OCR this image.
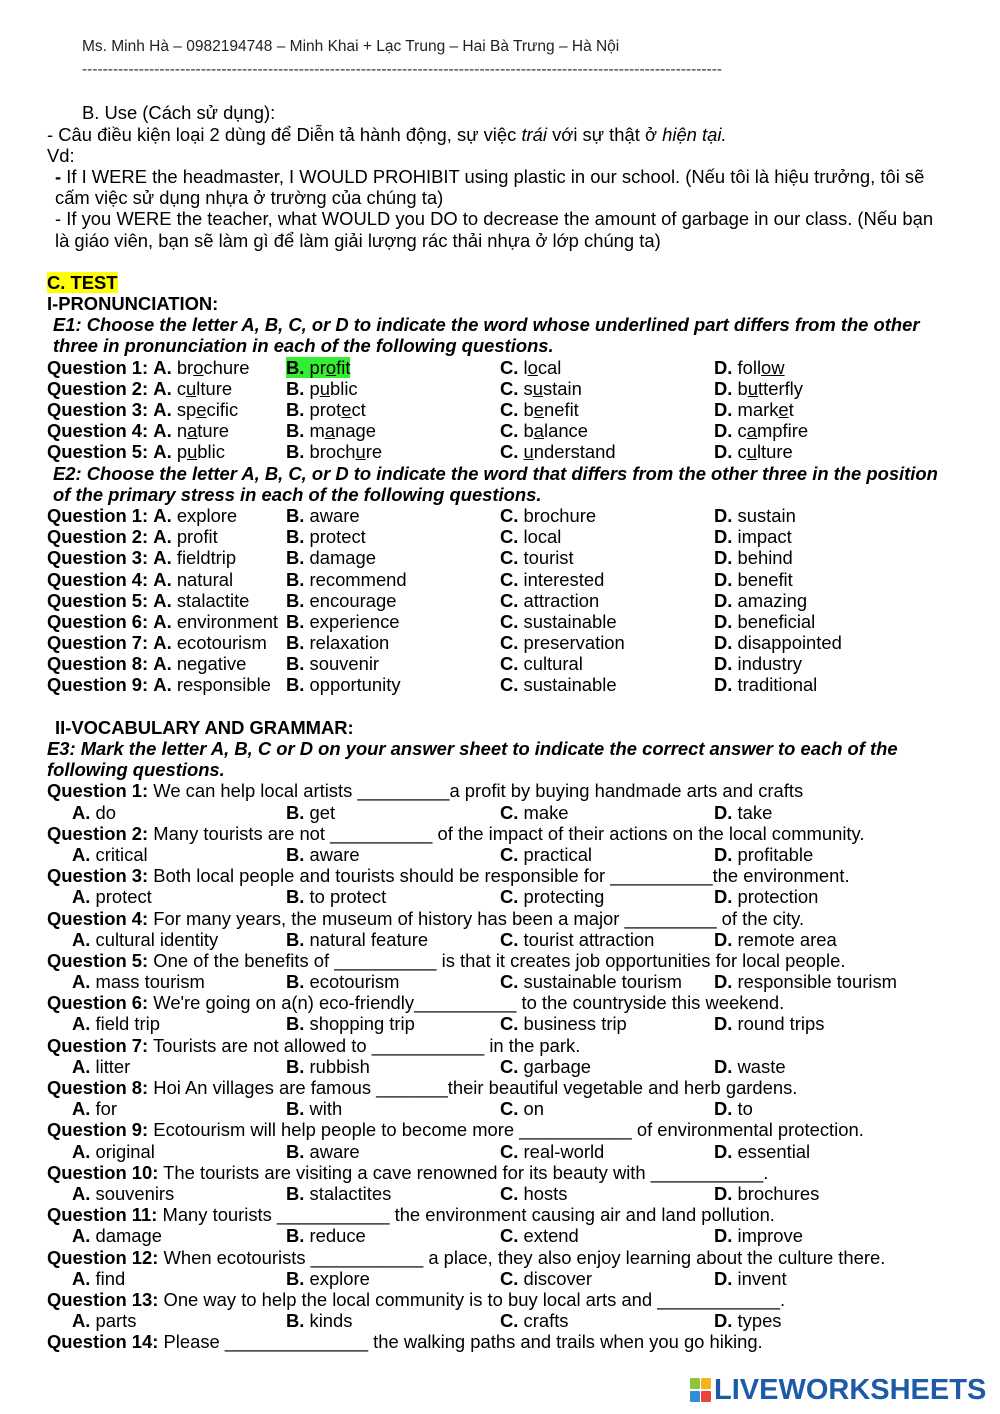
Ms. Minh Hà – 0982194748 – Minh Khai + Lạc Trung – Hai Bà Trưng – Hà Nội
----------------------------------------------------------------------------------------------------------------------------
B. Use (Cách sử dụng):
- Câu điều kiện loại 2 dùng để Diễn tả hành động, sự việc trái với sự thật ở hiện tại.
Vd:
- If I WERE the headmaster, I WOULD PROHIBIT using plastic in our school. (Nếu tôi là hiệu trưởng, tôi sẽ
cấm việc sử dụng nhựa ở trường của chúng ta)
- If you WERE the teacher, what WOULD you DO to decrease the amount of garbage in our class. (Nếu bạn
là giáo viên, bạn sẽ làm gì để làm giải lượng rác thải nhựa ở lớp chúng ta)
C. TEST
I-PRONUNCIATION:
E1: Choose the letter A, B, C, or D to indicate the word whose underlined part differs from the other
three in pronunciation in each of the following questions.
Question 1: A. brochure B. profit	C. local	D. follow
Question 2: A. culture	B. public	C. sustain	D. butterfly
Question 3: A. specific	B. protect	C. benefit	D. market
Question 4: A. nature	B. manage	C. balance	D. campfire
Question 5: A. public	B. brochure	C. understand	D. culture
E2: Choose the letter A, B, C, or D to indicate the word that differs from the other three in the position
of the primary stress in each of the following questions.
Question 1: A. explore	B. aware	C. brochure	D. sustain
Question 2: A. profit	B. protect	C. local	D. impact
Question 3: A. fieldtrip	B. damage	C. tourist	D. behind
Question 4: A. natural	B. recommend	C. interested	D. benefit
Question 5: A. stalactite B. encourage	C. attraction	D. amazing
Question 6: A. environment B. experience	C. sustainable	D. beneficial
Question 7: A. ecotourism B. relaxation	C. preservation	D. disappointed
Question 8: A. negative B. souvenir	C. cultural	D. industry
Question 9: A. responsible B. opportunity	C. sustainable	D. traditional
II-VOCABULARY AND GRAMMAR:
E3: Mark the letter A, B, C or D on your answer sheet to indicate the correct answer to each of the
following questions.
Question 1: We can help local artists _________a profit by buying handmade arts and crafts
A. do	B. get	C. make	D. take
Question 2: Many tourists are not __________ of the impact of their actions on the local community.
A. critical	B. aware	C. practical	D. profitable
Question 3: Both local people and tourists should be responsible for __________the environment.
A. protect	B. to protect	C. protecting	D. protection
Question 4: For many years, the museum of history has been a major _________ of the city.
A. cultural identity	B. natural feature	C. tourist attraction	D. remote area
Question 5: One of the benefits of __________ is that it creates job opportunities for local people.
A. mass tourism	B. ecotourism	C. sustainable tourism D. responsible tourism
Question 6: We're going on a(n) eco-friendly__________ to the countryside this weekend.
A. field trip	B. shopping trip	C. business trip	D. round trips
Question 7: Tourists are not allowed to ___________ in the park.
A. litter	B. rubbish	C. garbage	D. waste
Question 8: Hoi An villages are famous _______their beautiful vegetable and herb gardens.
A. for	B. with	C. on	D. to
Question 9: Ecotourism will help people to become more ___________ of environmental protection.
A. original	B. aware	C. real-world	D. essential
Question 10: The tourists are visiting a cave renowned for its beauty with ___________.
A. souvenirs	B. stalactites	C. hosts	D. brochures
Question 11: Many tourists ___________ the environment causing air and land pollution.
A. damage	B. reduce	C. extend	D. improve
Question 12: When ecotourists ___________ a place, they also enjoy learning about the culture there.
A. find	B. explore	C. discover	D. invent
Question 13: One way to help the local community is to buy local arts and ____________.
A. parts	B. kinds	C. crafts	D. types
Question 14: Please ______________ the walking paths and trails when you go hiking.
LIVEWORKSHEETS
